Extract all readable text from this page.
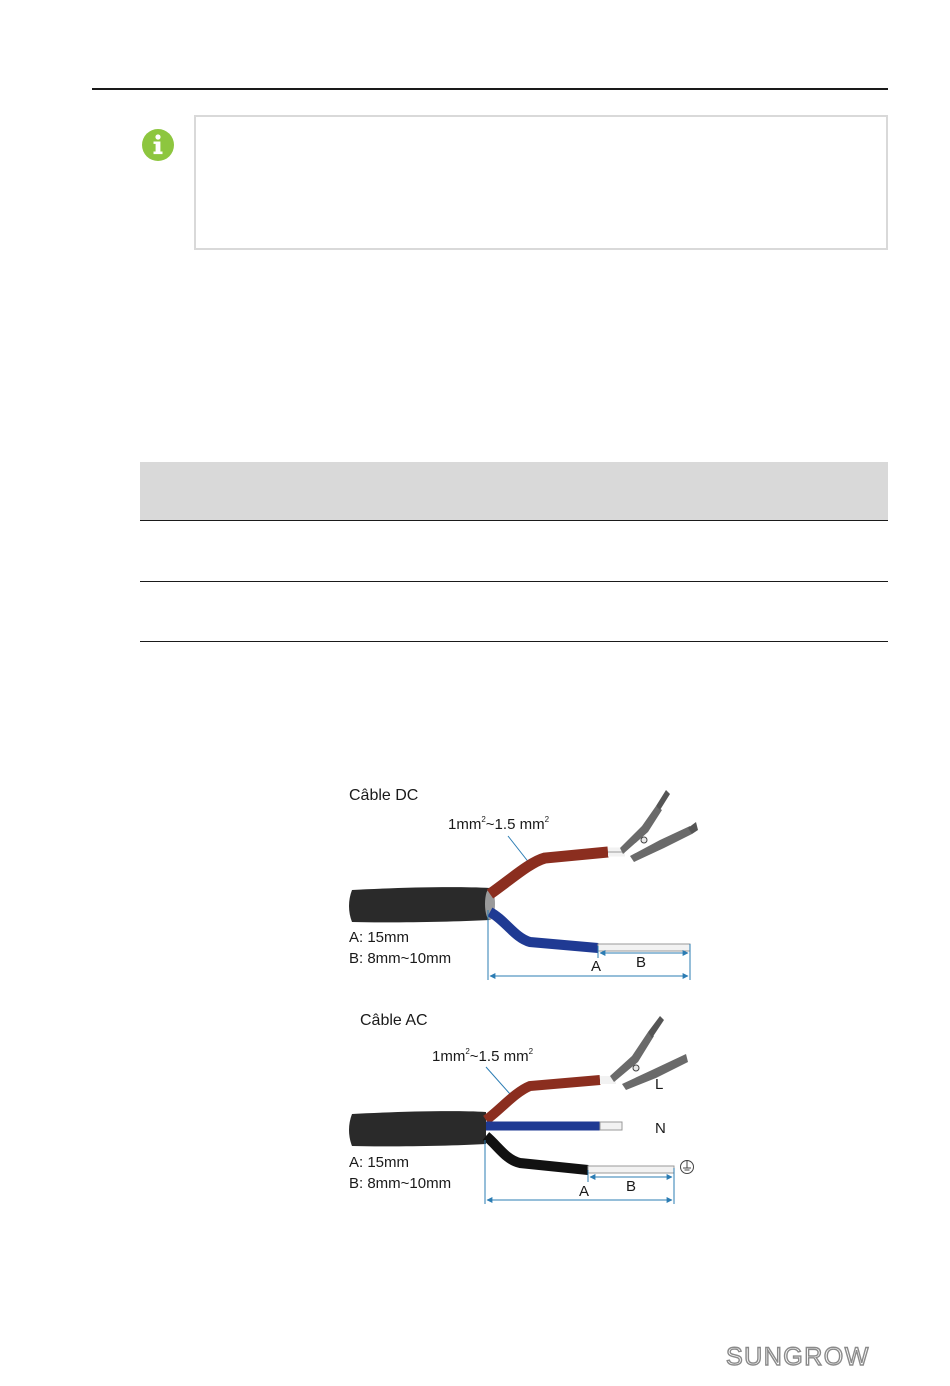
Câble DC
$1mm^2\sim 1.5$ $mm^2$
A: 15mm
B: 8mm~10mm	A B
Câble AC
$1mm^2\sim 1.5$ $mm^2$
L
N
A: 15mm
B: 8mm~10mm	A B
SUNGROW
